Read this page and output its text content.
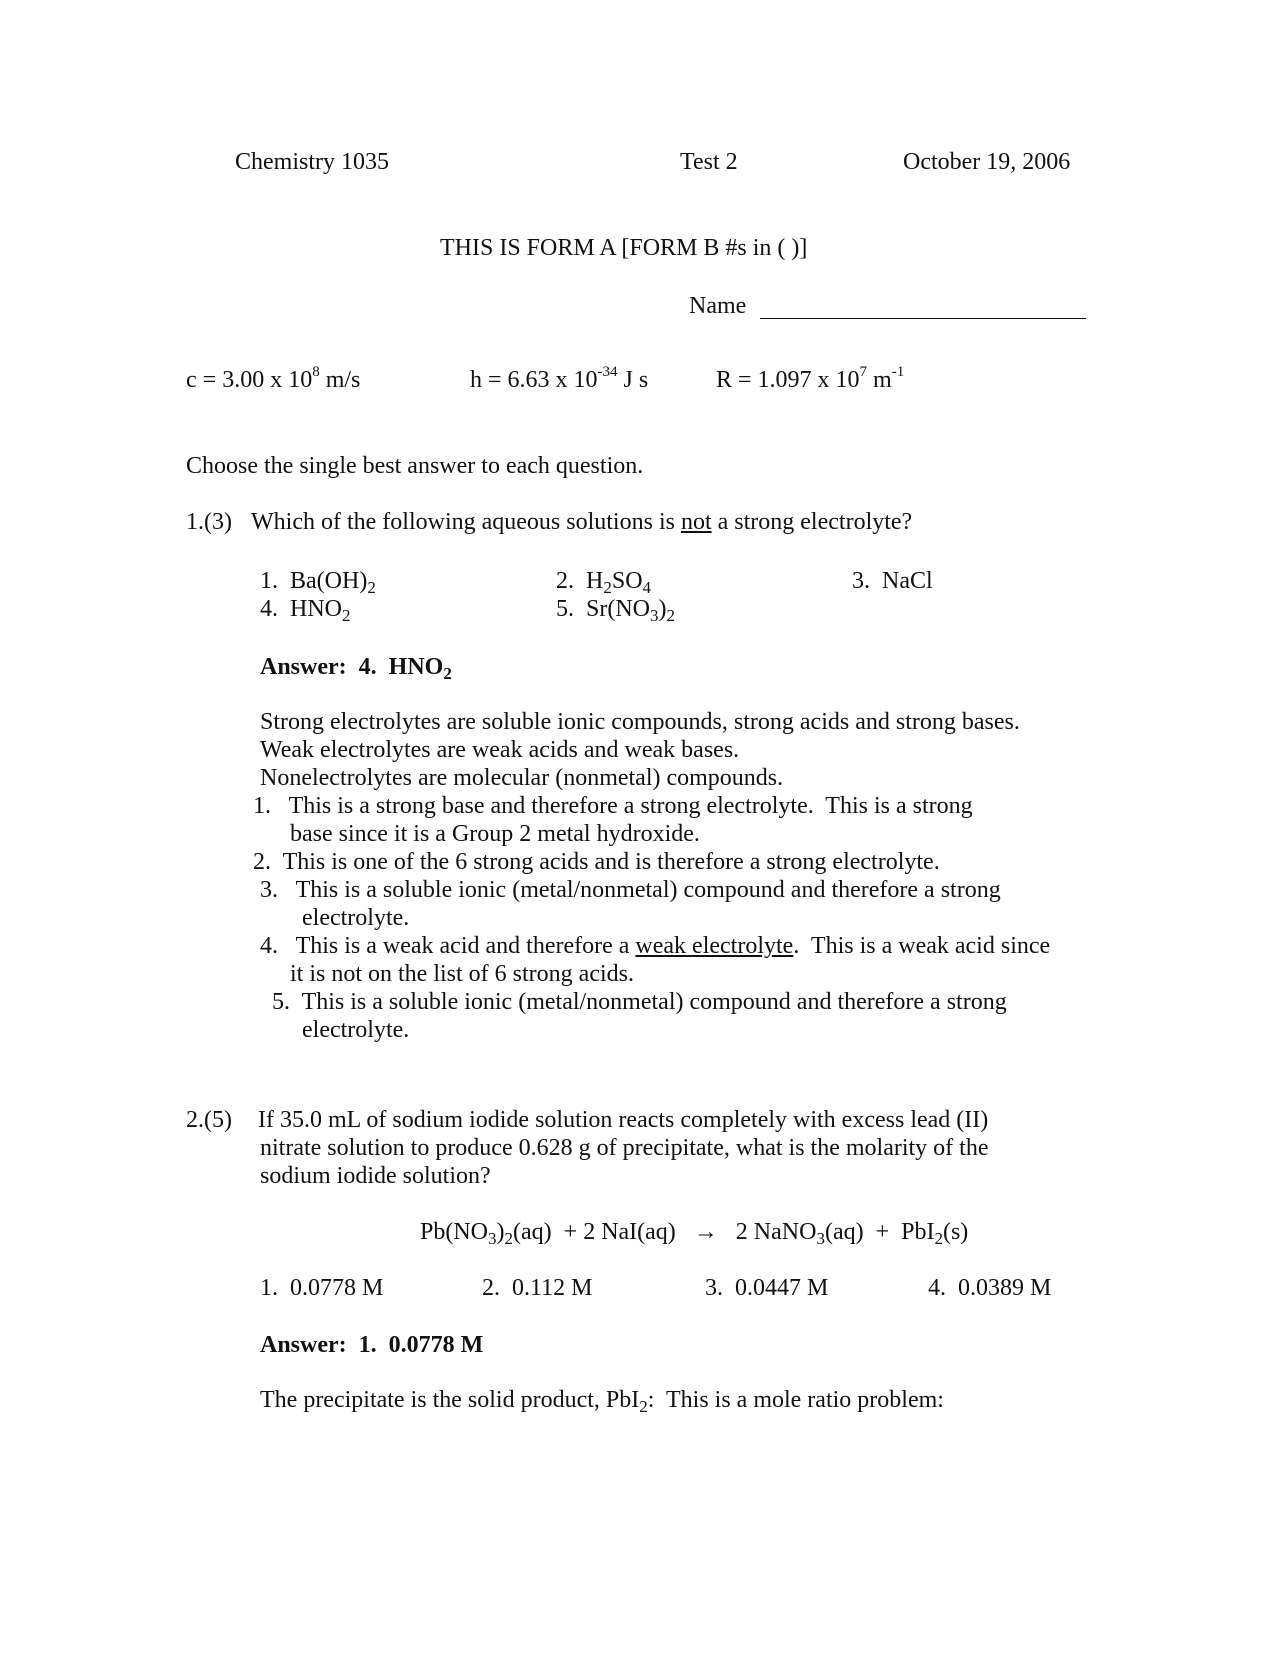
Chemistry 1035	Test 2	October 19, 2006
THIS IS FORM A [FORM B #s in ( )]
Name
c = 3.00 x $10^8$ m/s	h = 6.63 x $10^{-34}$ J s	R = 1.097 x $10^7$ $m^{-1}$
Choose the single best answer to each question.
1.(3) Which of the following aqueous solutions is not a strong electrolyte?
1. $Ba(OH)_2$	2. $H_2SO_4$	3. NaCl
4. $HNO_2$	5. $Sr(NO_3)_2$
Answer: 4. $HNO_2$
Strong electrolytes are soluble ionic compounds, strong acids and strong bases.
Weak electrolytes are weak acids and weak bases.
Nonelectrolytes are molecular (nonmetal) compounds.
1.   This is a strong base and therefore a strong electrolyte.  This is a strong
base since it is a Group 2 metal hydroxide.
2.  This is one of the 6 strong acids and is therefore a strong electrolyte.
3.   This is a soluble ionic (metal/nonmetal) compound and therefore a strong
electrolyte.
4.   This is a weak acid and therefore a weak electrolyte.  This is a weak acid since
it is not on the list of 6 strong acids.
5.  This is a soluble ionic (metal/nonmetal) compound and therefore a strong
electrolyte.
2.(5) If 35.0 mL of sodium iodide solution reacts completely with excess lead (II)
nitrate solution to produce 0.628 g of precipitate, what is the molarity of the
sodium iodide solution?
$Pb(NO_3)_2(aq) + 2$ NaI(aq)   →   2 NaNO$_3$(aq)  +  PbI$_2$(s)
1.  0.0778 M	2.  0.112 M	3.  0.0447 M	4.  0.0389 M
Answer: 1.  0.0778 M
The precipitate is the solid product, PbI$_2$:  This is a mole ratio problem:
